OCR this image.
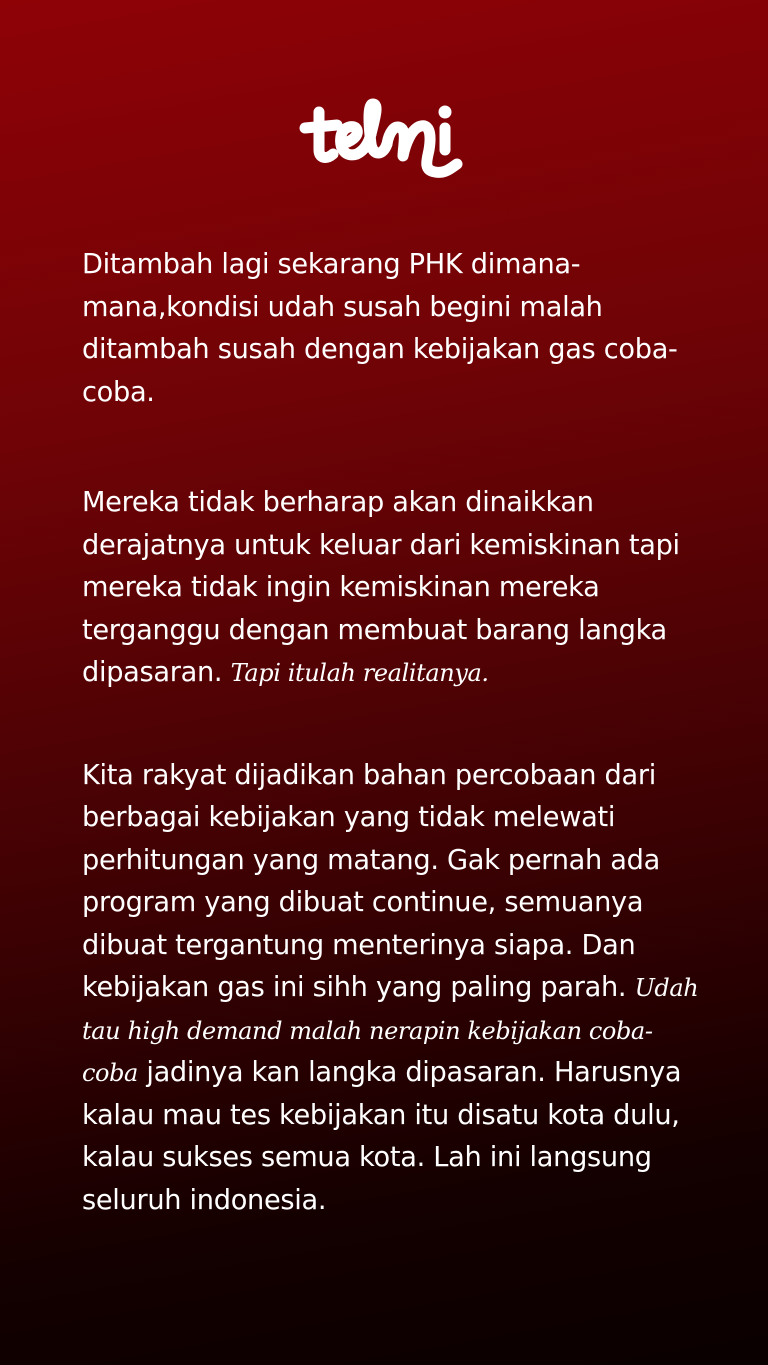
Ditambah lagi sekarang PHK dimana-mana,kondisi udah susah begini malah ditambah susah dengan kebijakan gas coba-coba.

Mereka tidak berharap akan dinaikkan derajatnya untuk keluar dari kemiskinan tapi mereka tidak ingin kemiskinan mereka terganggu dengan membuat barang langka dipasaran. Tapi itulah realitanya.

Kita rakyat dijadikan bahan percobaan dari berbagai kebijakan yang tidak melewati perhitungan yang matang. Gak pernah ada program yang dibuat continue, semuanya dibuat tergantung menterinya siapa. Dan kebijakan gas ini sihh yang paling parah. Udah tau high demand malah nerapin kebijakan coba-coba jadinya kan langka dipasaran. Harusnya kalau mau tes kebijakan itu disatu kota dulu, kalau sukses semua kota. Lah ini langsung seluruh indonesia.
